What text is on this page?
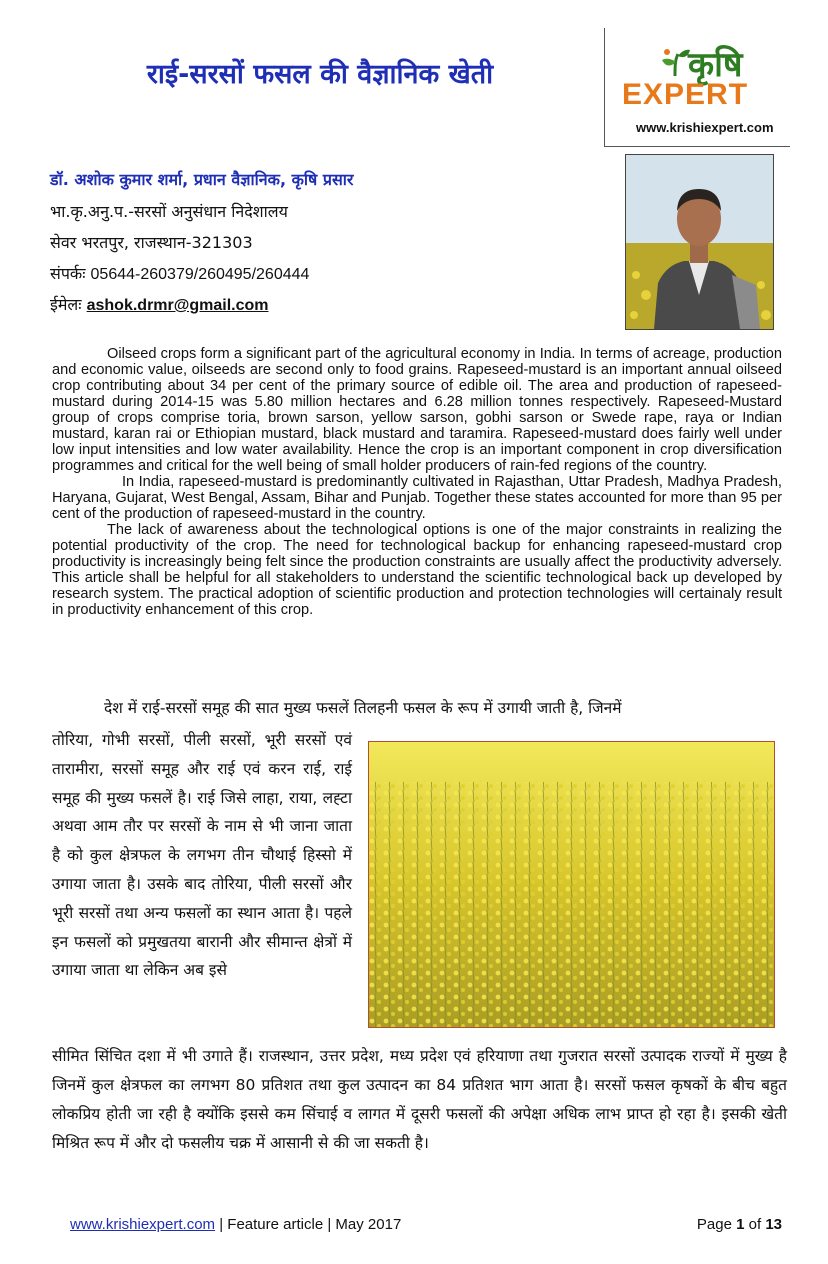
राई-सरसों फसल की वैज्ञानिक खेती	कृषि
EXPERT
www.krishiexpert.com
डॉ. अशोक कुमार शर्मा, प्रधान वैज्ञानिक, कृषि प्रसार
भा.कृ.अनु.प.-सरसों अनुसंधान निदेशालय
सेवर भरतपुर, राजस्थान-321303
संपर्कः 05644-260379/260495/260444
ईमेलः ashok.drmr@gmail.com

Oilseed crops form a significant part of the agricultural economy in India. In terms of acreage, production and economic value, oilseeds are second only to food grains. Rapeseed-mustard is an important annual oilseed crop contributing about 34 per cent of the primary source of edible oil. The area and production of rapeseed-mustard during 2014-15 was 5.80 million hectares and 6.28 million tonnes respectively. Rapeseed-Mustard group of crops comprise toria, brown sarson, yellow sarson, gobhi sarson or Swede rape, raya or Indian mustard, karan rai or Ethiopian mustard, black mustard and taramira. Rapeseed-mustard does fairly well under low input intensities and low water availability. Hence the crop is an important component in crop diversification programmes and critical for the well being of small holder producers of rain-fed regions of the country.

In India, rapeseed-mustard is predominantly cultivated in Rajasthan, Uttar Pradesh, Madhya Pradesh, Haryana, Gujarat, West Bengal, Assam, Bihar and Punjab. Together these states accounted for more than 95 per cent of the production of rapeseed-mustard in the country.

The lack of awareness about the technological options is one of the major constraints in realizing the potential productivity of the crop. The need for technological backup for enhancing rapeseed-mustard crop productivity is increasingly being felt since the production constraints are usually affect the productivity adversely. This article shall be helpful for all stakeholders to understand the scientific technological back up developed by research system. The practical adoption of scientific production and protection technologies will certainaly result in productivity enhancement of this crop.

देश में राई-सरसों समूह की सात मुख्य फसलें तिलहनी फसल के रूप में उगायी जाती है, जिनमें
तोरिया, गोभी सरसों, पीली सरसों, भूरी सरसों एवं तारामीरा, सरसों समूह और राई एवं करन राई, राई समूह की मुख्य फसलें है। राई जिसे लाहा, राया, लह्टा अथवा आम तौर पर सरसों के नाम से भी जाना जाता है को कुल क्षेत्रफल के लगभग तीन चौथाई हिस्सो में उगाया जाता है। उसके बाद तोरिया, पीली सरसों और भूरी सरसों तथा अन्य फसलों का स्थान आता है। पहले इन फसलों को प्रमुखतया बारानी और सीमान्त क्षेत्रों में उगाया जाता था लेकिन अब इसे
सीमित सिंचित दशा में भी उगाते हैं। राजस्थान, उत्तर प्रदेश, मध्य प्रदेश एवं हरियाणा तथा गुजरात सरसों उत्पादक राज्यों में मुख्य है जिनमें कुल क्षेत्रफल का लगभग 80 प्रतिशत तथा कुल उत्पादन का 84 प्रतिशत भाग आता है। सरसों फसल कृषकों के बीच बहुत लोकप्रिय होती जा रही है क्योंकि इससे कम सिंचाई व लागत में दूसरी फसलों की अपेक्षा अधिक लाभ प्राप्त हो रहा है। इसकी खेती मिश्रित रूप में और दो फसलीय चक्र में आसानी से की जा सकती है।
www.krishiexpert.com | Feature article | May 2017	Page 1 of 13
